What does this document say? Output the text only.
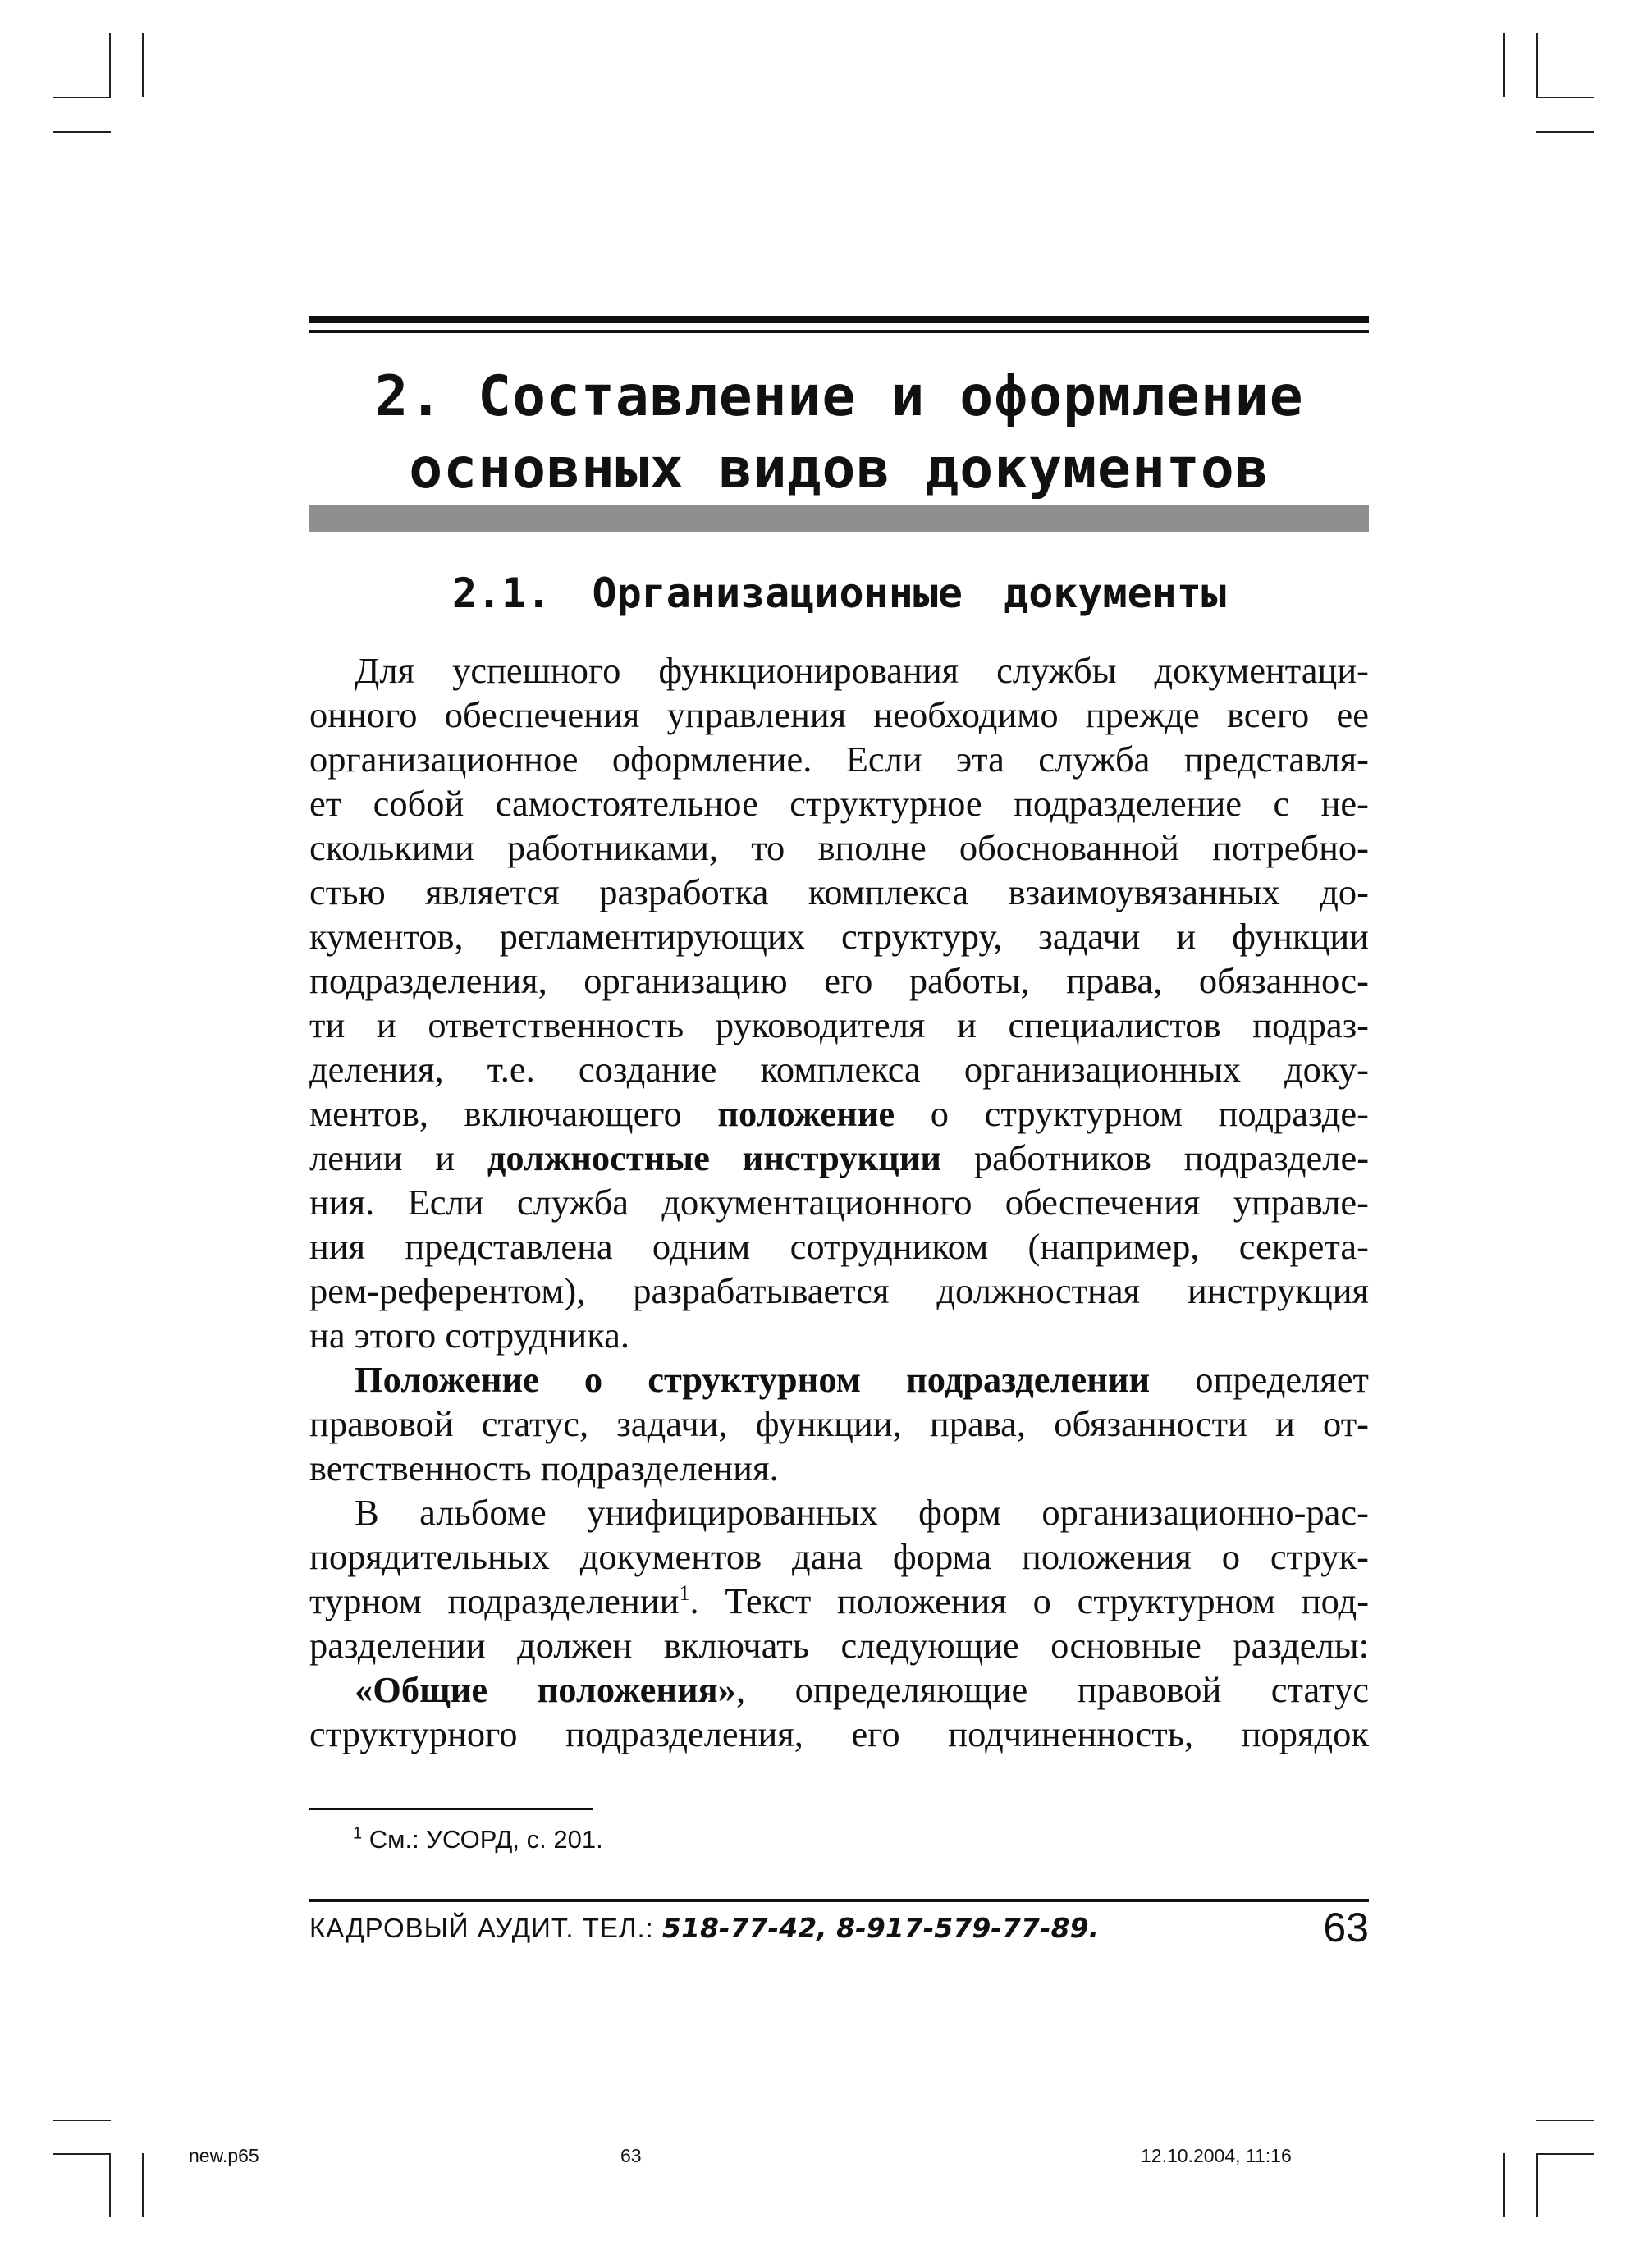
2. Составление и оформление
основных видов документов
2.1. Организационные документы
Для успешного функционирования службы документаци-
онного обеспечения управления необходимо прежде всего ее
организационное оформление. Если эта служба представля-
ет собой самостоятельное структурное подразделение с не-
сколькими работниками, то вполне обоснованной потребно-
стью является разработка комплекса взаимоувязанных до-
кументов, регламентирующих структуру, задачи и функции
подразделения, организацию его работы, права, обязаннос-
ти и ответственность руководителя и специалистов подраз-
деления, т.е. создание комплекса организационных доку-
ментов, включающего положение о структурном подразде-
лении и должностные инструкции работников подразделе-
ния. Если служба документационного обеспечения управле-
ния представлена одним сотрудником (например, секрета-
рем-референтом), разрабатывается должностная инструкция
на этого сотрудника.
Положение о структурном подразделении определяет
правовой статус, задачи, функции, права, обязанности и от-
ветственность подразделения.
В альбоме унифицированных форм организационно-рас-
порядительных документов дана форма положения о струк-
турном подразделении$^1$. Текст положения о структурном под-
разделении должен включать следующие основные разделы:
«Общие положения», определяющие правовой статус
структурного подразделения, его подчиненность, порядок
$^1$ См.: УСОРД, с. 201.
КАДРОВЫЙ АУДИТ. ТЕЛ.: 518-77-42, 8-917-579-77-89.	63
new.p65	63	12.10.2004, 11:16
